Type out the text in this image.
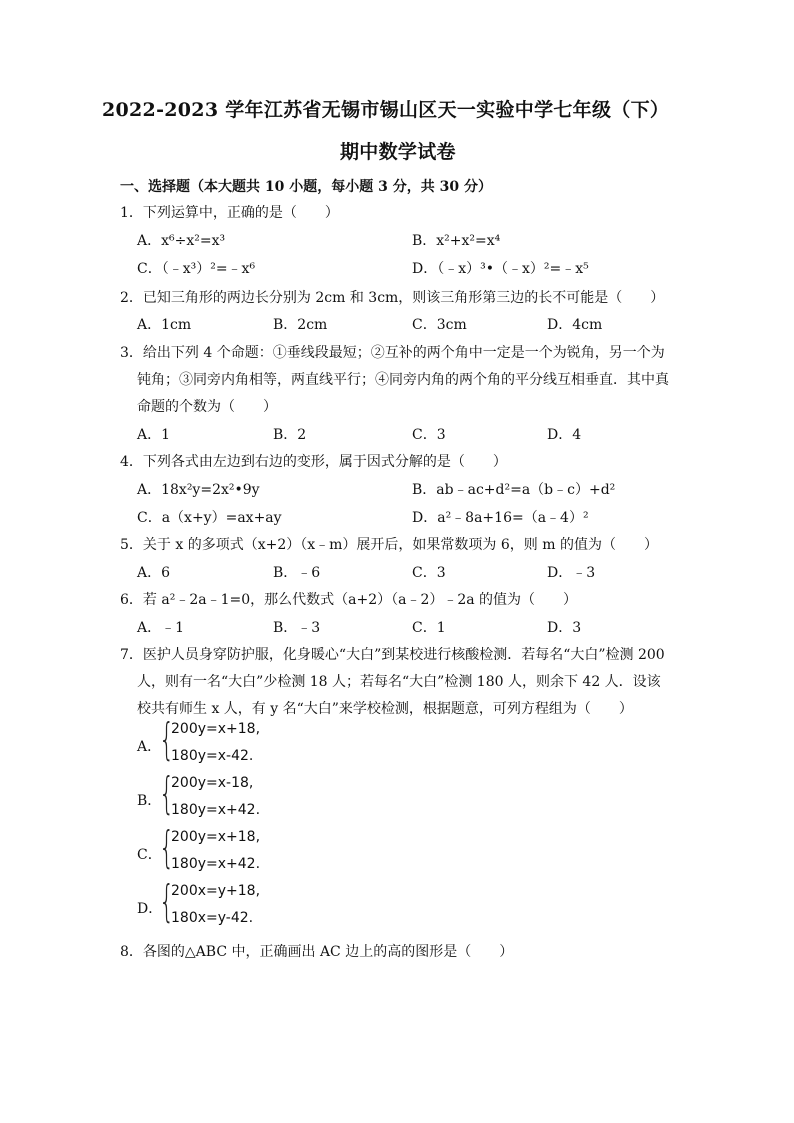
2022-2023 学年江苏省无锡市锡山区天一实验中学七年级（下）
期中数学试卷
一、选择题（本大题共 10 小题，每小题 3 分，共 30 分）
1．下列运算中，正确的是（　　）
A．x⁶÷x²=x³	B．x²+x²=x⁴
C．（﹣x³）²=﹣x⁶	D．（﹣x）³•（﹣x）²=﹣x⁵
2．已知三角形的两边长分别为 2cm 和 3cm，则该三角形第三边的长不可能是（　　）
A．1cm	B．2cm	C．3cm	D．4cm
3．给出下列 4 个命题：①垂线段最短；②互补的两个角中一定是一个为锐角，另一个为
钝角；③同旁内角相等，两直线平行；④同旁内角的两个角的平分线互相垂直．其中真
命题的个数为（　　）
A．1	B．2	C．3	D．4
4．下列各式由左边到右边的变形，属于因式分解的是（　　）
A．18x²y=2x²•9y	B．ab﹣ac+d²=a（b﹣c）+d²
C．a（x+y）=ax+ay	D．a²﹣8a+16=（a﹣4）²
5．关于 x 的多项式（x+2）（x﹣m）展开后，如果常数项为 6，则 m 的值为（　　）
A．6	B．﹣6	C．3	D．﹣3
6．若 a²﹣2a﹣1=0，那么代数式（a+2）（a﹣2）﹣2a 的值为（　　）
A．﹣1	B．﹣3	C．1	D．3
7．医护人员身穿防护服，化身暖心“大白”到某校进行核酸检测．若每名“大白”检测 200
人，则有一名“大白”少检测 18 人；若每名“大白”检测 180 人，则余下 42 人．设该
校共有师生 x 人，有 y 名“大白”来学校检测，根据题意，可列方程组为（　　）
A．
{
200y=x+18,
180y=x-42.
B．
{
200y=x-18,
180y=x+42.
C．
{
200y=x+18,
180y=x+42.
D．
{
200x=y+18,
180x=y-42.
8．各图的△ABC 中，正确画出 AC 边上的高的图形是（　　）
